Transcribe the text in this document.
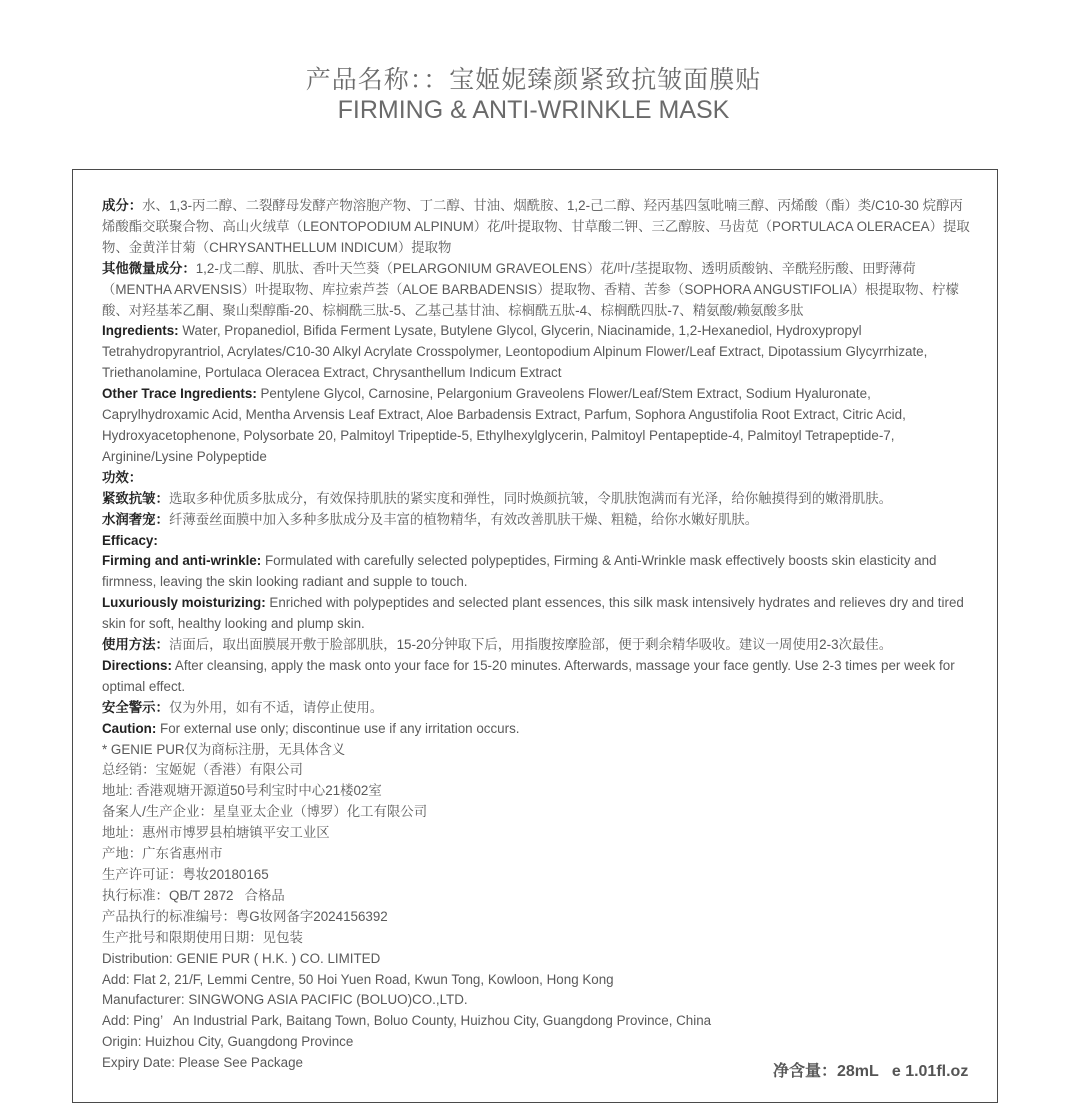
产品名称：：宝姬妮臻颜紧致抗皱面膜贴
FIRMING & ANTI-WRINKLE MASK

成分：水、1,3-丙二醇、二裂酵母发酵产物溶胞产物、丁二醇、甘油、烟酰胺、1,2-己二醇、羟丙基四氢吡喃三醇、丙烯酸（酯）类/C10-30 烷醇丙烯酸酯交联聚合物、高山火绒草（LEONTOPODIUM ALPINUM）花/叶提取物、甘草酸二钾、三乙醇胺、马齿苋（PORTULACA OLERACEA）提取物、金黄洋甘菊（CHRYSANTHELLUM INDICUM）提取物

其他微量成分：1,2-戊二醇、肌肽、香叶天竺葵（PELARGONIUM GRAVEOLENS）花/叶/茎提取物、透明质酸钠、辛酰羟肟酸、田野薄荷（MENTHA ARVENSIS）叶提取物、库拉索芦荟（ALOE BARBADENSIS）提取物、香精、苦参（SOPHORA ANGUSTIFOLIA）根提取物、柠檬酸、对羟基苯乙酮、聚山梨醇酯-20、棕榈酰三肽-5、乙基己基甘油、棕榈酰五肽-4、棕榈酰四肽-7、精氨酸/赖氨酸多肽

Ingredients: Water, Propanediol, Bifida Ferment Lysate, Butylene Glycol, Glycerin, Niacinamide, 1,2-Hexanediol, Hydroxypropyl Tetrahydropyrantriol, Acrylates/C10-30 Alkyl Acrylate Crosspolymer, Leontopodium Alpinum Flower/Leaf Extract, Dipotassium Glycyrrhizate, Triethanolamine, Portulaca Oleracea Extract, Chrysanthellum Indicum Extract

Other Trace Ingredients: Pentylene Glycol, Carnosine, Pelargonium Graveolens Flower/Leaf/Stem Extract, Sodium Hyaluronate, Caprylhydroxamic Acid, Mentha Arvensis Leaf Extract, Aloe Barbadensis Extract, Parfum, Sophora Angustifolia Root Extract, Citric Acid, Hydroxyacetophenone, Polysorbate 20, Palmitoyl Tripeptide-5, Ethylhexylglycerin, Palmitoyl Pentapeptide-4, Palmitoyl Tetrapeptide-7, Arginine/Lysine Polypeptide

功效：

紧致抗皱：选取多种优质多肽成分，有效保持肌肤的紧实度和弹性，同时焕颜抗皱，令肌肤饱满而有光泽，给你触摸得到的嫩滑肌肤。

水润奢宠：纤薄蚕丝面膜中加入多种多肽成分及丰富的植物精华，有效改善肌肤干燥、粗糙，给你水嫩好肌肤。

Efficacy:

Firming and anti-wrinkle: Formulated with carefully selected polypeptides, Firming & Anti-Wrinkle mask effectively boosts skin elasticity and firmness, leaving the skin looking radiant and supple to touch.

Luxuriously moisturizing: Enriched with polypeptides and selected plant essences, this silk mask intensively hydrates and relieves dry and tired skin for soft, healthy looking and plump skin.

使用方法：洁面后，取出面膜展开敷于脸部肌肤，15-20分钟取下后，用指腹按摩脸部，便于剩余精华吸收。建议一周使用2-3次最佳。

Directions: After cleansing, apply the mask onto your face for 15-20 minutes. Afterwards, massage your face gently. Use 2-3 times per week for optimal effect.

安全警示：仅为外用，如有不适，请停止使用。

Caution: For external use only; discontinue use if any irritation occurs.

* GENIE PUR仅为商标注册，无具体含义

总经销：宝姬妮（香港）有限公司

地址: 香港观塘开源道50号利宝时中心21楼02室

备案人/生产企业：星皇亚太企业（博罗）化工有限公司

地址：惠州市博罗县柏塘镇平安工业区

产地：广东省惠州市

生产许可证：粤妆20180165

执行标准：QB/T 2872   合格品

产品执行的标准编号：粤G妆网备字2024156392

生产批号和限期使用日期：见包装

Distribution: GENIE PUR ( H.K. ) CO. LIMITED

Add: Flat 2, 21/F, Lemmi Centre, 50 Hoi Yuen Road, Kwun Tong, Kowloon, Hong Kong

Manufacturer: SINGWONG ASIA PACIFIC (BOLUO)CO.,LTD.

Add: Ping’   An Industrial Park, Baitang Town, Boluo County, Huizhou City, Guangdong Province, China

Origin: Huizhou City, Guangdong Province

Expiry Date: Please See Package

净含量：28mL   e 1.01fl.oz
